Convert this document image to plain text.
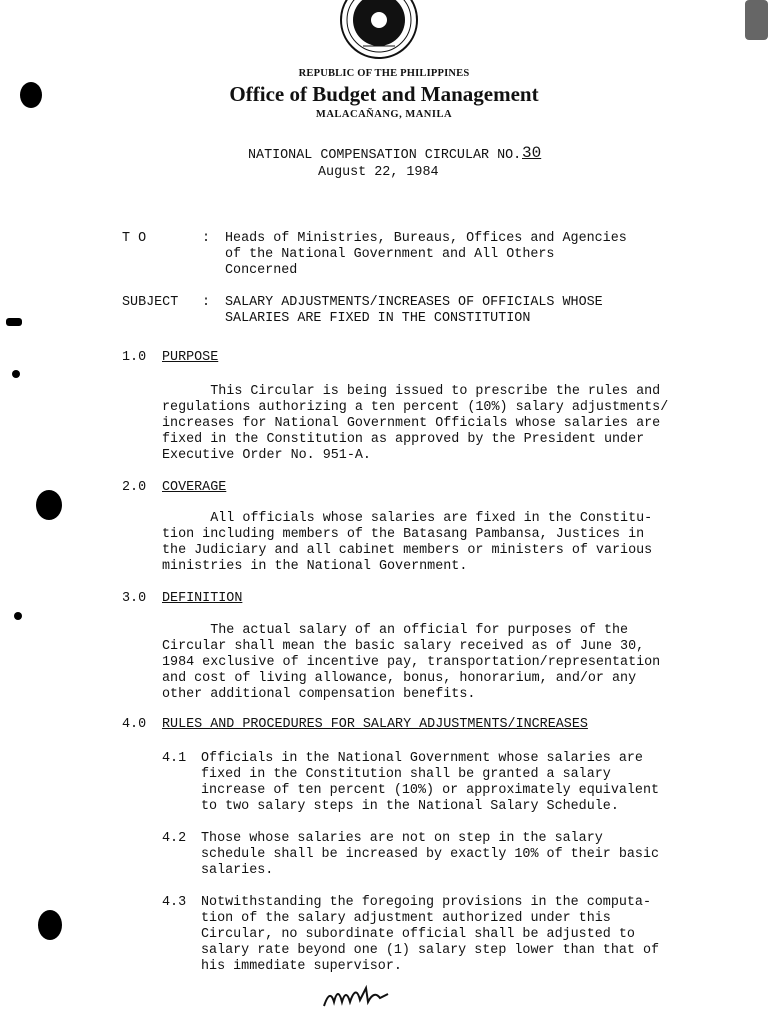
REPUBLIC OF THE PHILIPPINES
Office of Budget and Management
MALACAÑANG, MANILA
NATIONAL COMPENSATION CIRCULAR NO. 30
August 22, 1984
T O	: Heads of Ministries, Bureaus, Offices and Agencies
of the National Government and All Others
Concerned
SUBJECT : SALARY ADJUSTMENTS/INCREASES OF OFFICIALS WHOSE
SALARIES ARE FIXED IN THE CONSTITUTION
1.0 PURPOSE
This Circular is being issued to prescribe the rules and
regulations authorizing a ten percent (10%) salary adjustments/
increases for National Government Officials whose salaries are
fixed in the Constitution as approved by the President under
Executive Order No. 951-A.
2.0 COVERAGE
All officials whose salaries are fixed in the Constitu-
tion including members of the Batasang Pambansa, Justices in
the Judiciary and all cabinet members or ministers of various
ministries in the National Government.
3.0 DEFINITION
The actual salary of an official for purposes of the
Circular shall mean the basic salary received as of June 30,
1984 exclusive of incentive pay, transportation/representation
and cost of living allowance, bonus, honorarium, and/or any
other additional compensation benefits.
4.0 RULES AND PROCEDURES FOR SALARY ADJUSTMENTS/INCREASES
4.1 Officials in the National Government whose salaries are
fixed in the Constitution shall be granted a salary
increase of ten percent (10%) or approximately equivalent
to two salary steps in the National Salary Schedule.
4.2 Those whose salaries are not on step in the salary
schedule shall be increased by exactly 10% of their basic
salaries.
4.3 Notwithstanding the foregoing provisions in the computa-
tion of the salary adjustment authorized under this
Circular, no subordinate official shall be adjusted to
salary rate beyond one (1) salary step lower than that of
his immediate supervisor.
